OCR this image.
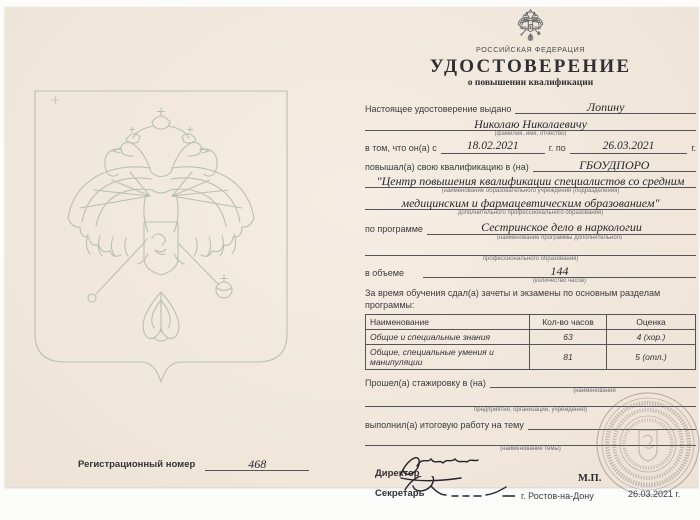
РОССИЙСКАЯ ФЕДЕРАЦИЯ
УДОСТОВЕРЕНИЕ
о повышении квалификации
Настоящее удостоверение выдано	Лопину
Николаю Николаевичу
(фамилия, имя, отчество)
в том, что он(а) с	18.02.2021	г. по	26.03.2021	г.
повышал(а) свою квалификацию в (на)	ГБОУДПОРО
"Центр повышения квалификации специалистов со средним
(наименование образовательного учреждения (подразделения)
медицинским и фармацевтическим образованием"
дополнительного профессионального образования)
по программе	Сестринское дело в наркологии
(наименование программы дополнительного
профессионального образования)
в объеме	144
(количество часов)
За время обучения сдал(а) зачеты и экзамены по основным разделам программы:
Наименование	Кол-во часов	Оценка
Общие и специальные знания	63	4 (хор.)
Общие, специальные умения и манипуляции	81	5 (отл.)
Прошел(а) стажировку в (на)
(наименование
предприятия, организации, учреждения)
выполнил(а) итоговую работу на тему
(наименование темы)
Директор	М.П.
Секретарь	г. Ростов-на-Дону	26.03.2021 г.
Регистрационный номер	468
